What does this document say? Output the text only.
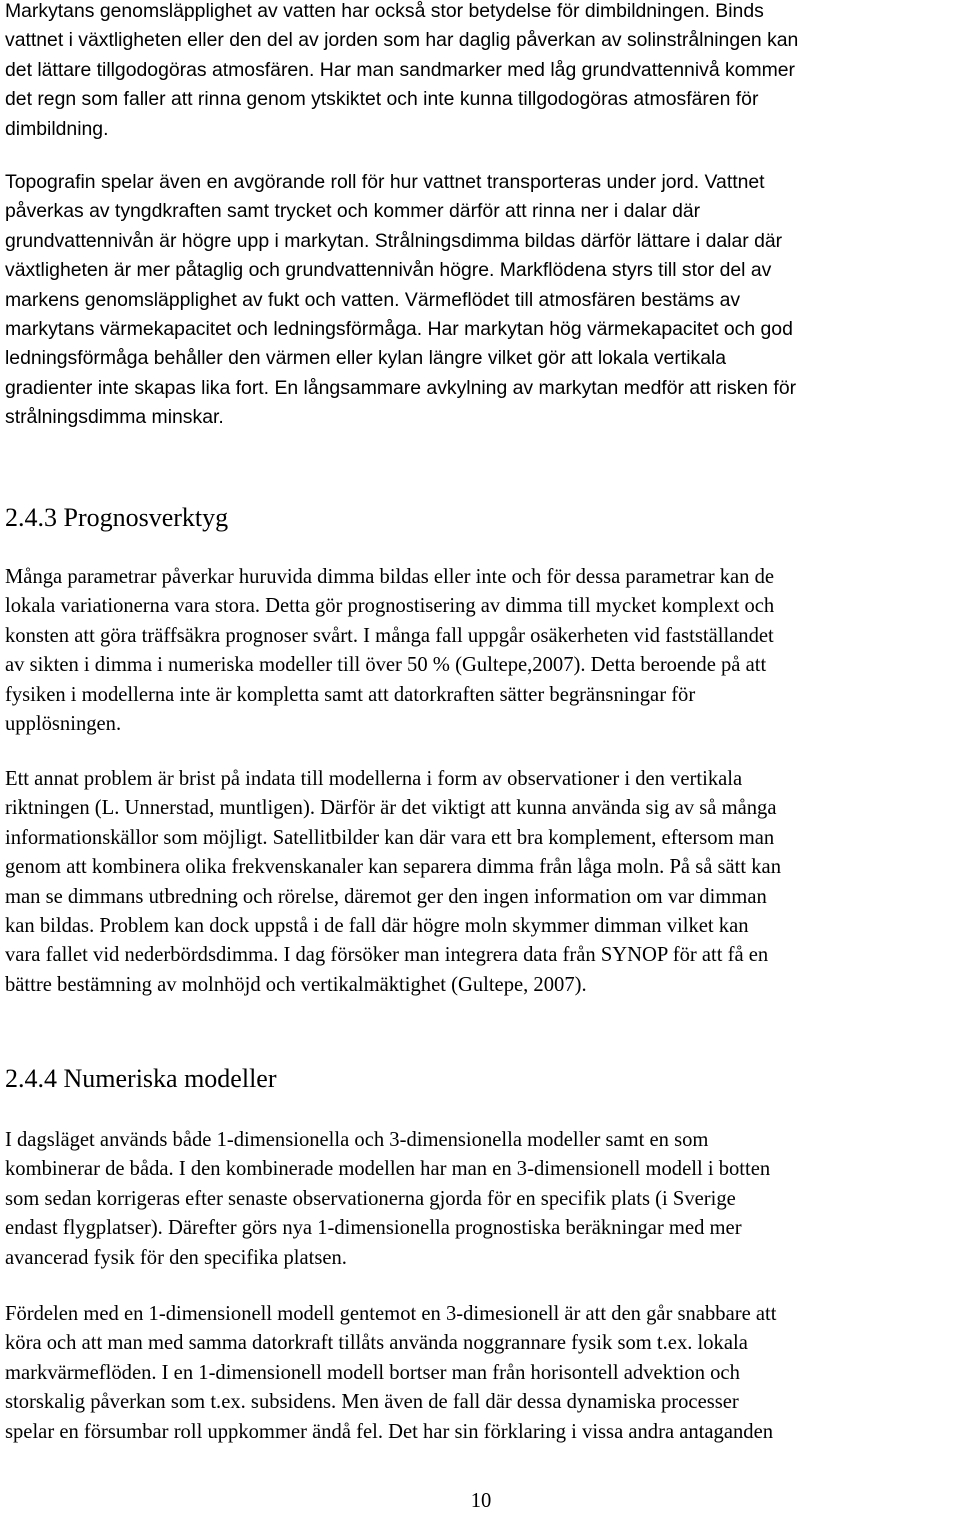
Markytans genomsläpplighet av vatten har också stor betydelse för dimbildningen. Binds
vattnet i växtligheten eller den del av jorden som har daglig påverkan av solinstrålningen kan
det lättare tillgodogöras atmosfären. Har man sandmarker med låg grundvattennivå kommer
det regn som faller att rinna genom ytskiktet och inte kunna tillgodogöras atmosfären för
dimbildning.
Topografin spelar även en avgörande roll för hur vattnet transporteras under jord. Vattnet
påverkas av tyngdkraften samt trycket och kommer därför att rinna ner i dalar där
grundvattennivån är högre upp i markytan. Strålningsdimma bildas därför lättare i dalar där
växtligheten är mer påtaglig och grundvattennivån högre. Markflödena styrs till stor del av
markens genomsläpplighet av fukt och vatten. Värmeflödet till atmosfären bestäms av
markytans värmekapacitet och ledningsförmåga. Har markytan hög värmekapacitet och god
ledningsförmåga behåller den värmen eller kylan längre vilket gör att lokala vertikala
gradienter inte skapas lika fort. En långsammare avkylning av markytan medför att risken för
strålningsdimma minskar.
2.4.3 Prognosverktyg
Många parametrar påverkar huruvida dimma bildas eller inte och för dessa parametrar kan de
lokala variationerna vara stora. Detta gör prognostisering av dimma till mycket komplext och
konsten att göra träffsäkra prognoser svårt. I många fall uppgår osäkerheten vid fastställandet
av sikten i dimma i numeriska modeller till över 50 % (Gultepe,2007). Detta beroende på att
fysiken i modellerna inte är kompletta samt att datorkraften sätter begränsningar för
upplösningen.
Ett annat problem är brist på indata till modellerna i form av observationer i den vertikala
riktningen (L. Unnerstad, muntligen). Därför är det viktigt att kunna använda sig av så många
informationskällor som möjligt. Satellitbilder kan där vara ett bra komplement, eftersom man
genom att kombinera olika frekvenskanaler kan separera dimma från låga moln. På så sätt kan
man se dimmans utbredning och rörelse, däremot ger den ingen information om var dimman
kan bildas. Problem kan dock uppstå i de fall där högre moln skymmer dimman vilket kan
vara fallet vid nederbördsdimma. I dag försöker man integrera data från SYNOP för att få en
bättre bestämning av molnhöjd och vertikalmäktighet (Gultepe, 2007).
2.4.4 Numeriska modeller
I dagsläget används både 1-dimensionella och 3-dimensionella modeller samt en som
kombinerar de båda. I den kombinerade modellen har man en 3-dimensionell modell i botten
som sedan korrigeras efter senaste observationerna gjorda för en specifik plats (i Sverige
endast flygplatser). Därefter görs nya 1-dimensionella prognostiska beräkningar med mer
avancerad fysik för den specifika platsen.
Fördelen med en 1-dimensionell modell gentemot en 3-dimesionell är att den går snabbare att
köra och att man med samma datorkraft tillåts använda noggrannare fysik som t.ex. lokala
markvärmeflöden. I en 1-dimensionell modell bortser man från horisontell advektion och
storskalig påverkan som t.ex. subsidens. Men även de fall där dessa dynamiska processer
spelar en försumbar roll uppkommer ändå fel. Det har sin förklaring i vissa andra antaganden
10
